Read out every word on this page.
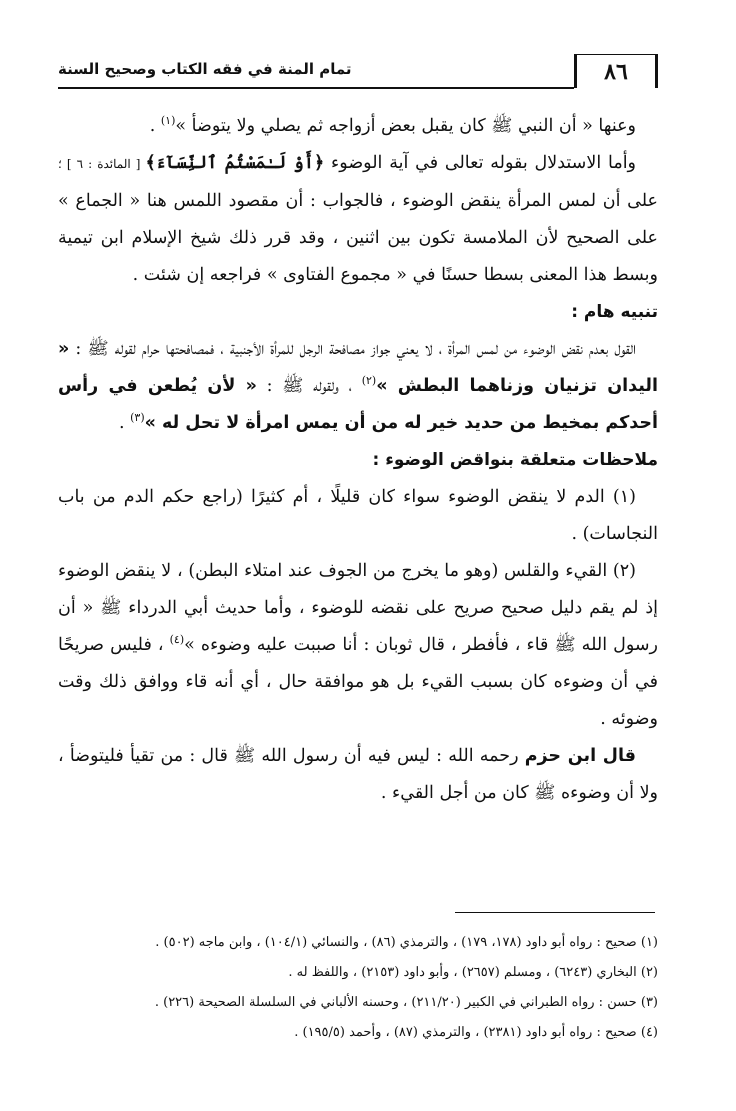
٨٦
تمام المنة في فقه الكتاب وصحيح السنة

وعنها « أن النبي ﷺ كان يقبل بعض أزواجه ثم يصلي ولا يتوضأ »$^{(١)}$ .

وأما الاستدلال بقوله تعالى في آية الوضوء ﴿أَوْ لَـٰمَسْتُمُ ٱلنِّسَآءَ﴾ [ المائدة : ٦ ] ؛ على أن لمس المرأة ينقض الوضوء ، فالجواب : أن مقصود اللمس هنا « الجماع » على الصحيح لأن الملامسة تكون بين اثنين ، وقد قرر ذلك شيخ الإسلام ابن تيمية وبسط هذا المعنى بسطا حسنًا في « مجموع الفتاوى » فراجعه إن شئت .

تنبيه هام :

القول بعدم نقض الوضوء من لمس المرأة ، لا يعني جواز مصافحة الرجل للمرأة الأجنبية ، فمصافحتها حرام لقوله ﷺ : « اليدان تزنيان وزناهما البطش »$^{(٢)}$ ، ولقوله ﷺ : « لأن يُطعن في رأس أحدكم بمخيط من حديد خير له من أن يمس امرأة لا تحل له »$^{(٣)}$ .

ملاحظات متعلقة بنواقض الوضوء :

(١) الدم لا ينقض الوضوء سواء كان قليلًا ، أم كثيرًا (راجع حكم الدم من باب النجاسات) .

(٢) القيء والقلس (وهو ما يخرج من الجوف عند امتلاء البطن) ، لا ينقض الوضوء إذ لم يقم دليل صحيح صريح على نقضه للوضوء ، وأما حديث أبي الدرداء ﷺ « أن رسول الله ﷺ قاء ، فأفطر ، قال ثوبان : أنا صببت عليه وضوءه »$^{(٤)}$ ، فليس صريحًا في أن وضوءه كان بسبب القيء بل هو موافقة حال ، أي أنه قاء ووافق ذلك وقت وضوئه .

قال ابن حزم رحمه الله : ليس فيه أن رسول الله ﷺ قال : من تقيأ فليتوضأ ، ولا أن وضوءه ﷺ كان من أجل القيء .

(١) صحيح : رواه أبو داود (١٧٨، ١٧٩) ، والترمذي (٨٦) ، والنسائي (١٠٤/١) ، وابن ماجه (٥٠٢) .

(٢) البخاري (٦٢٤٣) ، ومسلم (٢٦٥٧) ، وأبو داود (٢١٥٣) ، واللفظ له .

(٣) حسن : رواه الطبراني في الكبير (٢١١/٢٠) ، وحسنه الألباني في السلسلة الصحيحة (٢٢٦) .

(٤) صحيح : رواه أبو داود (٢٣٨١) ، والترمذي (٨٧) ، وأحمد (١٩٥/٥) .
